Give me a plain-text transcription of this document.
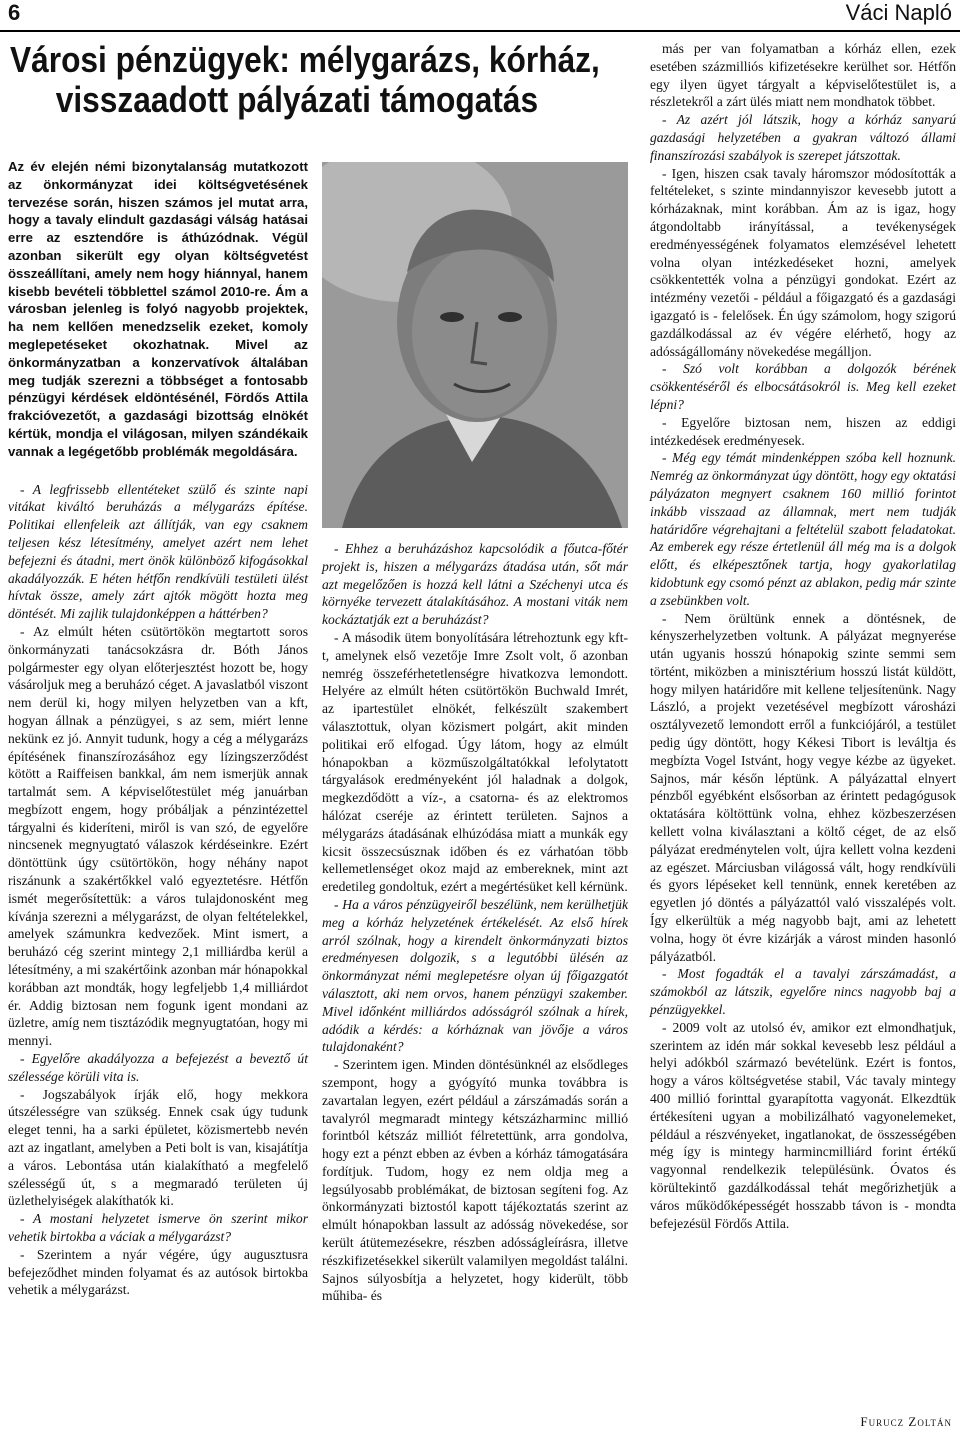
6	Váci Napló
Városi pénzügyek: mélygarázs, kórház,
visszaadott pályázati támogatás

Az év elején némi bizonytalanság mutatkozott az önkormányzat idei költségvetésének tervezése során, hiszen számos jel mutat arra, hogy a tavaly elindult gazdasági válság hatásai erre az esztendőre is áthúzódnak. Végül azonban sikerült egy olyan költségvetést összeállítani, amely nem hogy hiánnyal, hanem kisebb bevételi többlettel számol 2010-re. Ám a városban jelenleg is folyó nagyobb projektek, ha nem kellően menedzselik ezeket, komoly meglepetéseket okozhatnak. Mivel az önkormányzatban a konzervatívok általában meg tudják szerezni a többséget a fontosabb pénzügyi kérdések eldöntésénél, Fördős Attila frakcióvezetőt, a gazdasági bizottság elnökét kértük, mondja el világosan, milyen szándékaik vannak a legégetőbb problémák megoldására.

- A legfrissebb ellentéteket szülő és szinte napi vitákat kiváltó beruházás a mélygarázs építése. Politikai ellenfeleik azt állítják, van egy csaknem teljesen kész létesítmény, amelyet azért nem lehet befejezni és átadni, mert önök különböző kifogásokkal akadályozzák. E héten hétfőn rendkívüli testületi ülést hívtak össze, amely zárt ajtók mögött hozta meg döntését. Mi zajlik tulajdonképpen a háttérben?

- Az elmúlt héten csütörtökön megtartott soros önkormányzati tanácsokzásra dr. Bóth János polgármester egy olyan előterjesztést hozott be, hogy vásároljuk meg a beruházó céget. A javaslatból viszont nem derül ki, hogy milyen helyzetben van a kft, hogyan állnak a pénzügyei, s az sem, miért lenne nekünk ez jó. Annyit tudunk, hogy a cég a mélygarázs építésének finanszírozásához egy lízingszerződést kötött a Raiffeisen bankkal, ám nem ismerjük annak tartalmát sem. A képviselőtestület még januárban megbízott engem, hogy próbáljak a pénzintézettel tárgyalni és kideríteni, miről is van szó, de egyelőre nincsenek megnyugtató válaszok kérdéseinkre. Ezért döntöttünk úgy csütörtökön, hogy néhány napot riszánunk a szakértőkkel való egyeztetésre. Hétfőn ismét megerősítettük: a város tulajdonosként meg kívánja szerezni a mélygarázst, de olyan feltételekkel, amelyek számunkra kedvezőek. Mint ismert, a beruházó cég szerint mintegy 2,1 milliárdba kerül a létesítmény, a mi szakértőink azonban már hónapokkal korábban azt mondták, hogy legfeljebb 1,4 milliárdot ér. Addig biztosan nem fogunk igent mondani az üzletre, amíg nem tisztázódik megnyugtatóan, hogy mi mennyi.

- Egyelőre akadályozza a befejezést a beveztő út szélessége körüli vita is.

- Jogszabályok írják elő, hogy mekkora útszélességre van szükség. Ennek csak úgy tudunk eleget tenni, ha a sarki épületet, közismertebb nevén azt az ingatlant, amelyben a Peti bolt is van, kisajátítja a város. Lebontása után kialakítható a megfelelő szélességű út, s a megmaradó területen új üzlethelyiségek alakíthatók ki.

- A mostani helyzetet ismerve ön szerint mikor vehetik birtokba a váciak a mélygarázst?

- Szerintem a nyár végére, úgy augusztusra befejeződhet minden folyamat és az autósok birtokba vehetik a mélygarázst.

- Ehhez a beruházáshoz kapcsolódik a főutca-főtér projekt is, hiszen a mélygarázs átadása után, sőt már azt megelőzően is hozzá kell látni a Széchenyi utca és környéke tervezett átalakításához. A mostani viták nem kockáztatják ezt a beruházást?

- A második ütem bonyolítására létrehoztunk egy kft-t, amelynek első vezetője Imre Zsolt volt, ő azonban nemrég összeférhetetlenségre hivatkozva lemondott. Helyére az elmúlt héten csütörtökön Buchwald Imrét, az ipartestület elnökét, felkészült szakembert választottuk, olyan közismert polgárt, akit minden politikai erő elfogad. Úgy látom, hogy az elmúlt hónapokban a közműszolgáltatókkal lefolytatott tárgyalások eredményeként jól haladnak a dolgok, megkezdődött a víz-, a csatorna- és az elektromos hálózat cseréje az érintett területen. Sajnos a mélygarázs átadásának elhúzódása miatt a munkák egy kicsit összecsúsznak időben és ez várhatóan több kellemetlenséget okoz majd az embereknek, mint azt eredetileg gondoltuk, ezért a megértésüket kell kérnünk.

- Ha a város pénzügyeiről beszélünk, nem kerülhetjük meg a kórház helyzetének értékelését. Az első hírek arról szólnak, hogy a kirendelt önkormányzati biztos eredményesen dolgozik, s a legutóbbi ülésén az önkormányzat némi meglepetésre olyan új főigazgatót választott, aki nem orvos, hanem pénzügyi szakember. Mivel időnként milliárdos adósságról szólnak a hírek, adódik a kérdés: a kórháznak van jövője a város tulajdonaként?

- Szerintem igen. Minden döntésünknél az elsődleges szempont, hogy a gyógyító munka továbbra is zavartalan legyen, ezért például a zárszámadás során a tavalyról megmaradt mintegy kétszázharminc millió forintból kétszáz milliót félretettünk, arra gondolva, hogy ezt a pénzt ebben az évben a kórház támogatására fordítjuk. Tudom, hogy ez nem oldja meg a legsúlyosabb problémákat, de biztosan segíteni fog. Az önkormányzati biztostól kapott tájékoztatás szerint az elmúlt hónapokban lassult az adósság növekedése, sor került átütemezésekre, részben adósságleírásra, illetve részkifizetésekkel sikerült valamilyen megoldást találni. Sajnos súlyosbítja a helyzetet, hogy kiderült, több műhiba- és

más per van folyamatban a kórház ellen, ezek esetében százmilliós kifizetésekre kerülhet sor. Hétfőn egy ilyen ügyet tárgyalt a képviselőtestület is, a részletekről a zárt ülés miatt nem mondhatok többet.

- Az azért jól látszik, hogy a kórház sanyarú gazdasági helyzetében a gyakran változó állami finanszírozási szabályok is szerepet játszottak.

- Igen, hiszen csak tavaly háromszor módosították a feltételeket, s szinte mindannyiszor kevesebb jutott a kórházaknak, mint korábban. Ám az is igaz, hogy átgondoltabb irányítással, a tevékenységek eredményességének folyamatos elemzésével lehetett volna olyan intézkedéseket hozni, amelyek csökkentették volna a pénzügyi gondokat. Ezért az intézmény vezetői - például a főigazgató és a gazdasági igazgató is - felelősek. Én úgy számolom, hogy szigorú gazdálkodással az év végére elérhető, hogy az adósságállomány növekedése megálljon.

- Szó volt korábban a dolgozók bérének csökkentéséről és elbocsátásokról is. Meg kell ezeket lépni?

- Egyelőre biztosan nem, hiszen az eddigi intézkedések eredményesek.

- Még egy témát mindenképpen szóba kell hoznunk. Nemrég az önkormányzat úgy döntött, hogy egy oktatási pályázaton megnyert csaknem 160 millió forintot inkább visszaad az államnak, mert nem tudják határidőre végrehajtani a feltételül szabott feladatokat. Az emberek egy része értetlenül áll még ma is a dolgok előtt, és elképesztőnek tartja, hogy gyakorlatilag kidobtunk egy csomó pénzt az ablakon, pedig már szinte a zsebünkben volt.

- Nem örültünk ennek a döntésnek, de kényszerhelyzetben voltunk. A pályázat megnyerése után ugyanis hosszú hónapokig szinte semmi sem történt, miközben a minisztérium hosszú listát küldött, hogy milyen határidőre mit kellene teljesítenünk. Nagy László, a projekt vezetésével megbízott városházi osztályvezető lemondott erről a funkciójáról, a testület pedig úgy döntött, hogy Kékesi Tibort is leváltja és megbízta Vogel Istvánt, hogy vegye kézbe az ügyeket. Sajnos, már későn léptünk. A pályázattal elnyert pénzből egyébként elsősorban az érintett pedagógusok oktatására költöttünk volna, ehhez közbeszerzésen kellett volna kiválasztani a költő céget, de az első pályázat eredménytelen volt, újra kellett volna kezdeni az egészet. Márciusban világossá vált, hogy rendkívüli és gyors lépéseket kell tennünk, ennek keretében az egyetlen jó döntés a pályázattól való visszalépés volt. Így elkerültük a még nagyobb bajt, ami az lehetett volna, hogy öt évre kizárják a várost minden hasonló pályázatból.

- Most fogadták el a tavalyi zárszámadást, a számokból az látszik, egyelőre nincs nagyobb baj a pénzügyekkel.

- 2009 volt az utolsó év, amikor ezt elmondhatjuk, szerintem az idén már sokkal kevesebb lesz például a helyi adókból származó bevételünk. Ezért is fontos, hogy a város költségvetése stabil, Vác tavaly mintegy 400 millió forinttal gyarapította vagyonát. Elkezdtük értékesíteni ugyan a mobilizálható vagyonelemeket, például a részvényeket, ingatlanokat, de összességében még így is mintegy harmincmilliárd forint értékű vagyonnal rendelkezik településünk. Óvatos és körültekintő gazdálkodással tehát megőrizhetjük a város működőképességét hosszabb távon is - mondta befejezésül Fördős Attila.

Furucz Zoltán
